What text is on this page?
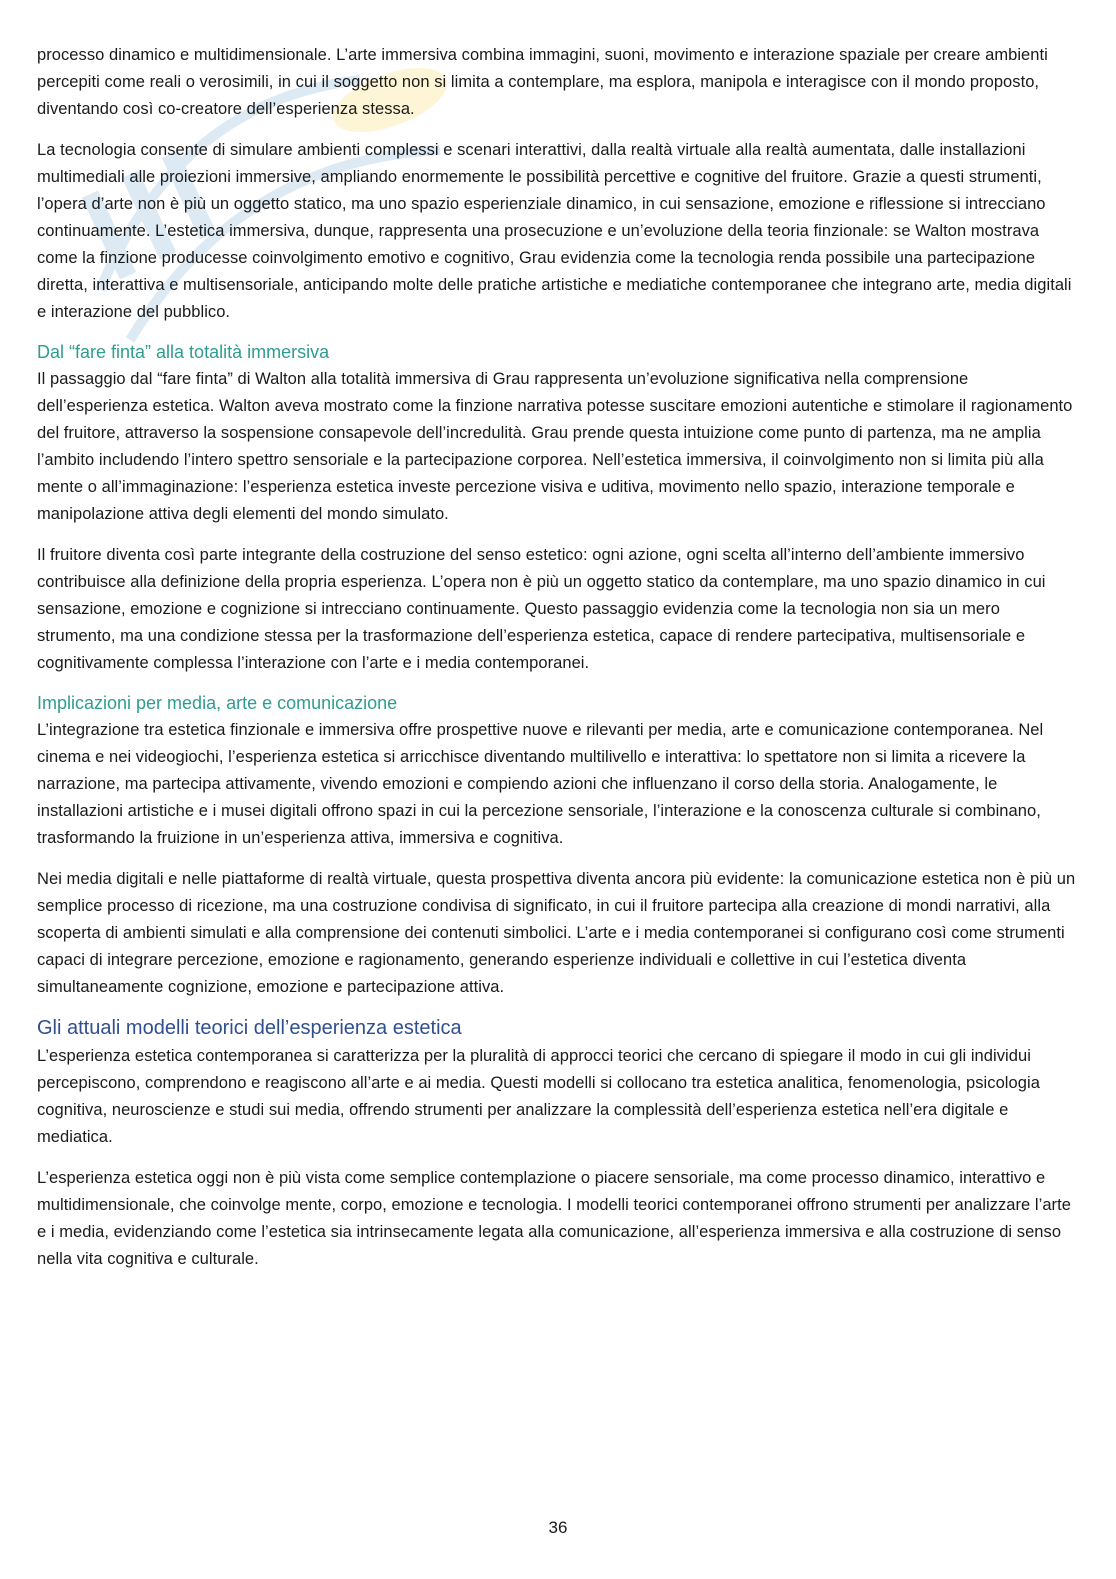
processo dinamico e multidimensionale. L’arte immersiva combina immagini, suoni, movimento e interazione spaziale per creare ambienti percepiti come reali o verosimili, in cui il soggetto non si limita a contemplare, ma esplora, manipola e interagisce con il mondo proposto, diventando così co-creatore dell’esperienza stessa.

La tecnologia consente di simulare ambienti complessi e scenari interattivi, dalla realtà virtuale alla realtà aumentata, dalle installazioni multimediali alle proiezioni immersive, ampliando enormemente le possibilità percettive e cognitive del fruitore. Grazie a questi strumenti, l’opera d’arte non è più un oggetto statico, ma uno spazio esperienziale dinamico, in cui sensazione, emozione e riflessione si intrecciano continuamente. L’estetica immersiva, dunque, rappresenta una prosecuzione e un’evoluzione della teoria finzionale: se Walton mostrava come la finzione producesse coinvolgimento emotivo e cognitivo, Grau evidenzia come la tecnologia renda possibile una partecipazione diretta, interattiva e multisensoriale, anticipando molte delle pratiche artistiche e mediatiche contemporanee che integrano arte, media digitali e interazione del pubblico.

Dal “fare finta” alla totalità immersiva

Il passaggio dal “fare finta” di Walton alla totalità immersiva di Grau rappresenta un’evoluzione significativa nella comprensione dell’esperienza estetica. Walton aveva mostrato come la finzione narrativa potesse suscitare emozioni autentiche e stimolare il ragionamento del fruitore, attraverso la sospensione consapevole dell’incredulità. Grau prende questa intuizione come punto di partenza, ma ne amplia l’ambito includendo l’intero spettro sensoriale e la partecipazione corporea. Nell’estetica immersiva, il coinvolgimento non si limita più alla mente o all’immaginazione: l’esperienza estetica investe percezione visiva e uditiva, movimento nello spazio, interazione temporale e manipolazione attiva degli elementi del mondo simulato.

Il fruitore diventa così parte integrante della costruzione del senso estetico: ogni azione, ogni scelta all’interno dell’ambiente immersivo contribuisce alla definizione della propria esperienza. L’opera non è più un oggetto statico da contemplare, ma uno spazio dinamico in cui sensazione, emozione e cognizione si intrecciano continuamente. Questo passaggio evidenzia come la tecnologia non sia un mero strumento, ma una condizione stessa per la trasformazione dell’esperienza estetica, capace di rendere partecipativa, multisensoriale e cognitivamente complessa l’interazione con l’arte e i media contemporanei.

Implicazioni per media, arte e comunicazione

L’integrazione tra estetica finzionale e immersiva offre prospettive nuove e rilevanti per media, arte e comunicazione contemporanea. Nel cinema e nei videogiochi, l’esperienza estetica si arricchisce diventando multilivello e interattiva: lo spettatore non si limita a ricevere la narrazione, ma partecipa attivamente, vivendo emozioni e compiendo azioni che influenzano il corso della storia. Analogamente, le installazioni artistiche e i musei digitali offrono spazi in cui la percezione sensoriale, l’interazione e la conoscenza culturale si combinano, trasformando la fruizione in un’esperienza attiva, immersiva e cognitiva.

Nei media digitali e nelle piattaforme di realtà virtuale, questa prospettiva diventa ancora più evidente: la comunicazione estetica non è più un semplice processo di ricezione, ma una costruzione condivisa di significato, in cui il fruitore partecipa alla creazione di mondi narrativi, alla scoperta di ambienti simulati e alla comprensione dei contenuti simbolici. L’arte e i media contemporanei si configurano così come strumenti capaci di integrare percezione, emozione e ragionamento, generando esperienze individuali e collettive in cui l’estetica diventa simultaneamente cognizione, emozione e partecipazione attiva.

Gli attuali modelli teorici dell’esperienza estetica

L’esperienza estetica contemporanea si caratterizza per la pluralità di approcci teorici che cercano di spiegare il modo in cui gli individui percepiscono, comprendono e reagiscono all’arte e ai media. Questi modelli si collocano tra estetica analitica, fenomenologia, psicologia cognitiva, neuroscienze e studi sui media, offrendo strumenti per analizzare la complessità dell’esperienza estetica nell’era digitale e mediatica.

L’esperienza estetica oggi non è più vista come semplice contemplazione o piacere sensoriale, ma come processo dinamico, interattivo e multidimensionale, che coinvolge mente, corpo, emozione e tecnologia. I modelli teorici contemporanei offrono strumenti per analizzare l’arte e i media, evidenziando come l’estetica sia intrinsecamente legata alla comunicazione, all’esperienza immersiva e alla costruzione di senso nella vita cognitiva e culturale.

36
